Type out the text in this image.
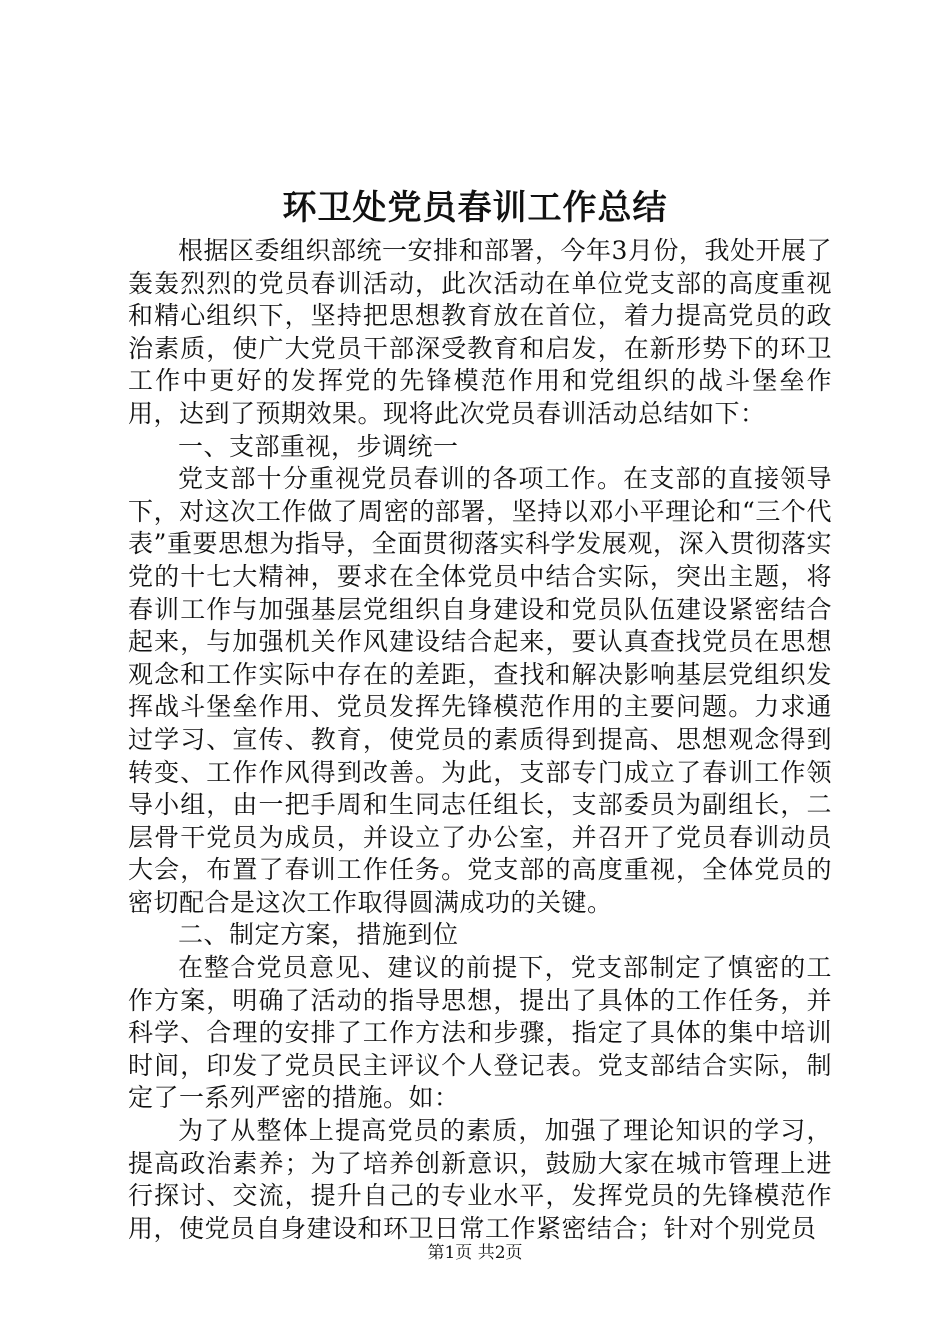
环卫处党员春训工作总结

根据区委组织部统一安排和部署，今年3月份，我处开展了轰轰烈烈的党员春训活动，此次活动在单位党支部的高度重视和精心组织下，坚持把思想教育放在首位，着力提高党员的政治素质，使广大党员干部深受教育和启发，在新形势下的环卫工作中更好的发挥党的先锋模范作用和党组织的战斗堡垒作用，达到了预期效果。现将此次党员春训活动总结如下：

一、支部重视，步调统一

党支部十分重视党员春训的各项工作。在支部的直接领导下，对这次工作做了周密的部署，坚持以邓小平理论和“三个代表”重要思想为指导，全面贯彻落实科学发展观，深入贯彻落实党的十七大精神，要求在全体党员中结合实际，突出主题，将春训工作与加强基层党组织自身建设和党员队伍建设紧密结合起来，与加强机关作风建设结合起来，要认真查找党员在思想观念和工作实际中存在的差距，查找和解决影响基层党组织发挥战斗堡垒作用、党员发挥先锋模范作用的主要问题。力求通过学习、宣传、教育，使党员的素质得到提高、思想观念得到转变、工作作风得到改善。为此，支部专门成立了春训工作领导小组，由一把手周和生同志任组长，支部委员为副组长，二层骨干党员为成员，并设立了办公室，并召开了党员春训动员大会，布置了春训工作任务。党支部的高度重视，全体党员的密切配合是这次工作取得圆满成功的关键。

二、制定方案，措施到位

在整合党员意见、建议的前提下，党支部制定了慎密的工作方案，明确了活动的指导思想，提出了具体的工作任务，并科学、合理的安排了工作方法和步骤，指定了具体的集中培训时间，印发了党员民主评议个人登记表。党支部结合实际，制定了一系列严密的措施。如：

为了从整体上提高党员的素质，加强了理论知识的学习，提高政治素养；为了培养创新意识，鼓励大家在城市管理上进行探讨、交流，提升自己的专业水平，发挥党员的先锋模范作用，使党员自身建设和环卫日常工作紧密结合；针对个别党员

第1页 共2页
